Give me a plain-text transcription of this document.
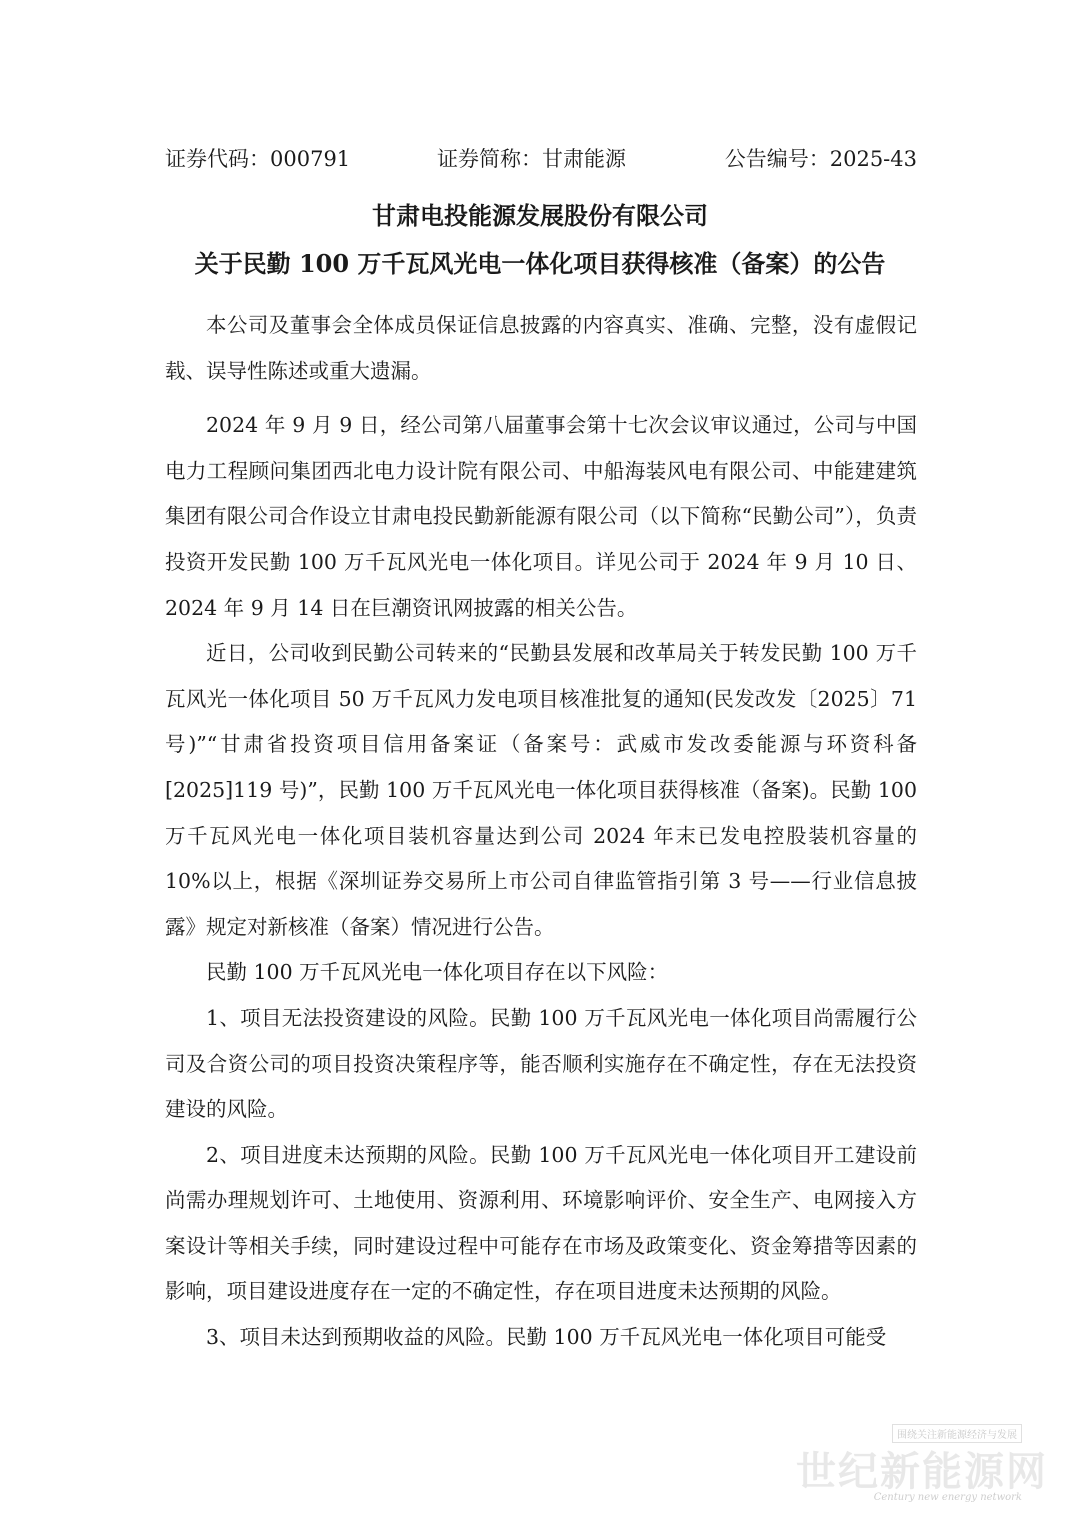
证券代码：000791	证券简称：甘肃能源	公告编号：2025-43
甘肃电投能源发展股份有限公司
关于民勤 100 万千瓦风光电一体化项目获得核准（备案）的公告

本公司及董事会全体成员保证信息披露的内容真实、准确、完整，没有虚假记载、误导性陈述或重大遗漏。

2024 年 9 月 9 日，经公司第八届董事会第十七次会议审议通过，公司与中国电力工程顾问集团西北电力设计院有限公司、中船海装风电有限公司、中能建建筑集团有限公司合作设立甘肃电投民勤新能源有限公司（以下简称“民勤公司”），负责投资开发民勤 100 万千瓦风光电一体化项目。详见公司于 2024 年 9 月 10 日、2024 年 9 月 14 日在巨潮资讯网披露的相关公告。

近日，公司收到民勤公司转来的“民勤县发展和改革局关于转发民勤 100 万千瓦风光一体化项目 50 万千瓦风力发电项目核准批复的通知(民发改发〔2025〕71 号)”“甘肃省投资项目信用备案证（备案号：武威市发改委能源与环资科备[2025]119 号)”，民勤 100 万千瓦风光电一体化项目获得核准（备案)。民勤 100 万千瓦风光电一体化项目装机容量达到公司 2024 年末已发电控股装机容量的 10%以上，根据《深圳证券交易所上市公司自律监管指引第 3 号——行业信息披露》规定对新核准（备案）情况进行公告。

民勤 100 万千瓦风光电一体化项目存在以下风险：

1、项目无法投资建设的风险。民勤 100 万千瓦风光电一体化项目尚需履行公司及合资公司的项目投资决策程序等，能否顺利实施存在不确定性，存在无法投资建设的风险。

2、项目进度未达预期的风险。民勤 100 万千瓦风光电一体化项目开工建设前尚需办理规划许可、土地使用、资源利用、环境影响评价、安全生产、电网接入方案设计等相关手续，同时建设过程中可能存在市场及政策变化、资金筹措等因素的影响，项目建设进度存在一定的不确定性，存在项目进度未达预期的风险。

3、项目未达到预期收益的风险。民勤 100 万千瓦风光电一体化项目可能受

围绕关注新能源经济与发展
世纪新能源网
Century new energy network
